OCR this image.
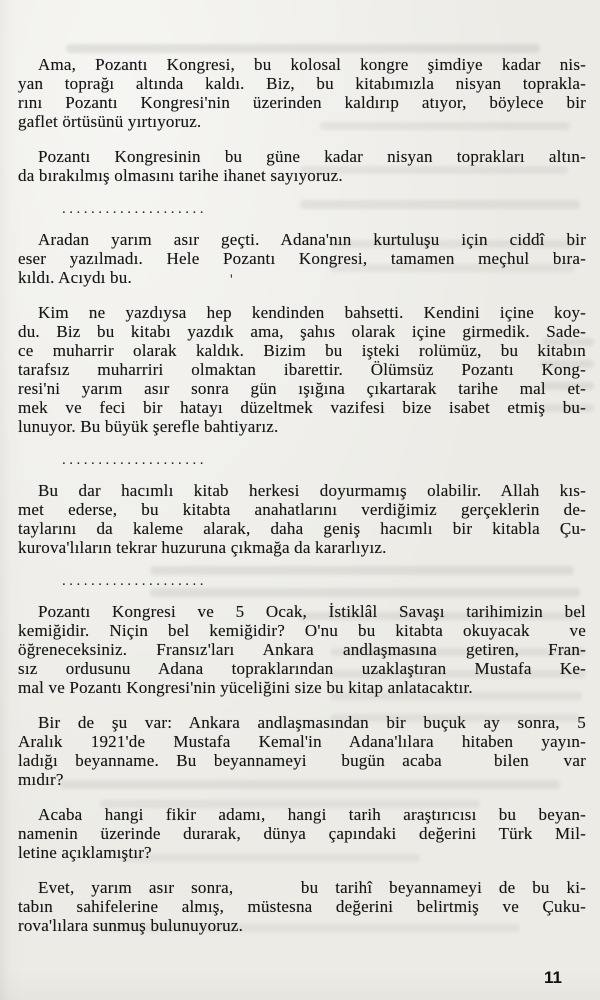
Ama, Pozantı Kongresi, bu kolosal kongre şimdiye kadar nis-
yan toprağı altında kaldı. Biz, bu kitabımızla nisyan toprakla-
rını Pozantı Kongresi'nin üzerinden kaldırıp atıyor, böylece bir
gaflet örtüsünü yırtıyoruz.
Pozantı Kongresinin bu güne kadar nisyan toprakları altın-
da bırakılmış olmasını tarihe ihanet sayıyoruz.
....................
Aradan yarım asır geçti. Adana'nın kurtuluşu için ciddî bir
eser yazılmadı. Hele Pozantı Kongresi, tamamen meçhul bıra-
kıldı. Acıydı bu.
Kim ne yazdıysa hep kendinden bahsetti. Kendini içine koy-
du. Biz bu kitabı yazdık ama, şahıs olarak içine girmedik. Sade-
ce muharrir olarak kaldık. Bizim bu işteki rolümüz, bu kitabın
tarafsız muharriri olmaktan ibarettir. Ölümsüz Pozantı Kong-
resi'ni yarım asır sonra gün ışığına çıkartarak tarihe mal et-
mek ve feci bir hatayı düzeltmek vazifesi bize isabet etmiş bu-
lunuyor. Bu büyük şerefle bahtiyarız.
....................
Bu dar hacımlı kitab herkesi doyurmamış olabilir. Allah kıs-
met ederse, bu kitabta anahatlarını verdiğimiz gerçeklerin de-
taylarını da kaleme alarak, daha geniş hacımlı bir kitabla Çu-
kurova'lıların tekrar huzuruna çıkmağa da kararlıyız.
....................
Pozantı Kongresi ve 5 Ocak, İstiklâl Savaşı tarihimizin bel
kemiğidir. Niçin bel kemiğidir? O'nu bu kitabta okuyacak  ve
öğreneceksiniz. Fransız'ları Ankara andlaşmasına getiren, Fran-
sız ordusunu Adana topraklarından uzaklaştıran Mustafa Ke-
mal ve Pozantı Kongresi'nin yüceliğini size bu kitap anlatacaktır.
Bir de şu var: Ankara andlaşmasından bir buçuk ay sonra, 5
Aralık 1921'de Mustafa Kemal'in Adana'lılara hitaben yayın-
ladığı beyanname. Bu beyannameyi  bugün acaba   bilen  var
mıdır?
Acaba hangi fikir adamı, hangi tarih araştırıcısı bu beyan-
namenin üzerinde durarak, dünya çapındaki değerini Türk Mil-
letine açıklamıştır?
Evet, yarım asır sonra,    bu tarihî beyannameyi de bu ki-
tabın sahifelerine almış, müstesna değerini belirtmiş ve Çuku-
rova'lılara sunmuş bulunuyoruz.
'
11
